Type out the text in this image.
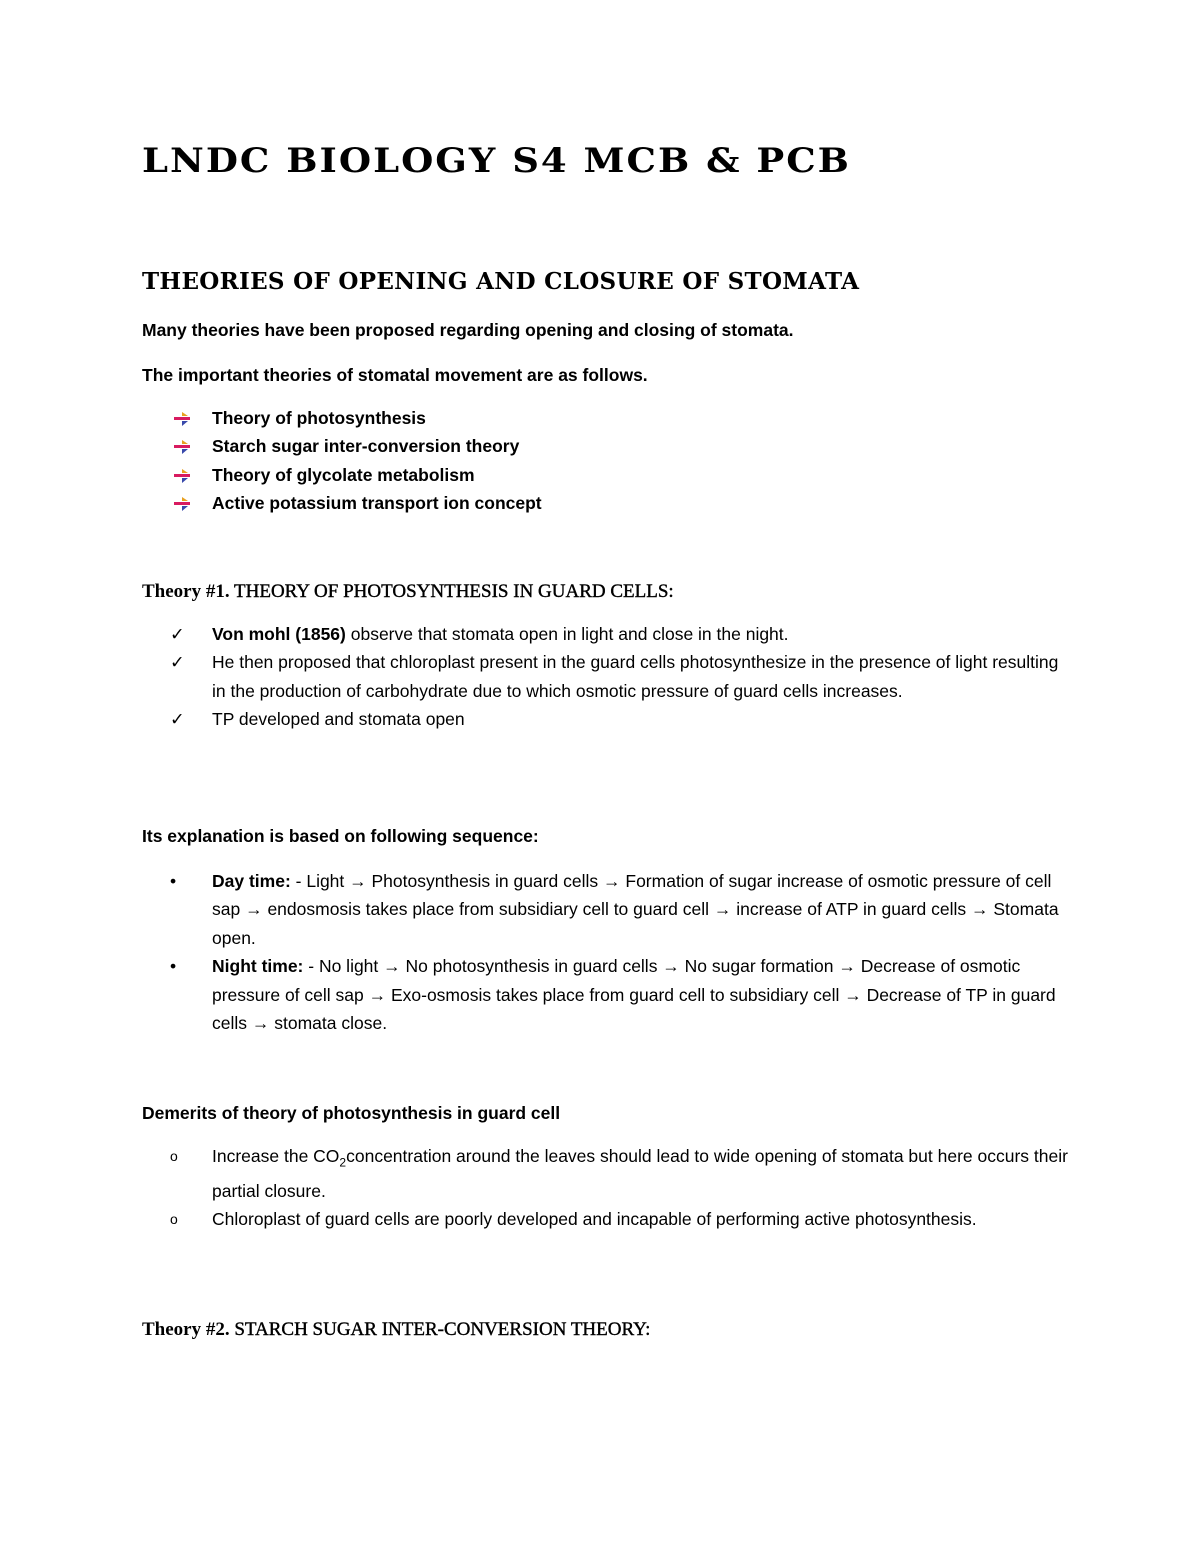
LNDC BIOLOGY S4 MCB & PCB
THEORIES OF OPENING AND CLOSURE OF STOMATA
Many theories have been proposed regarding opening and closing of stomata.
The important theories of stomatal movement are as follows.
Theory of photosynthesis
Starch sugar inter-conversion theory
Theory of glycolate metabolism
Active potassium transport ion concept
Theory #1. THEORY OF PHOTOSYNTHESIS IN GUARD CELLS:
✓	Von mohl (1856) observe that stomata open in light and close in the night.
✓	He then proposed that chloroplast present in the guard cells photosynthesize in the presence of light resulting in the production of carbohydrate due to which osmotic pressure of guard cells increases.
✓	TP developed and stomata open
Its explanation is based on following sequence:
•	Day time: - Light → Photosynthesis in guard cells → Formation of sugar increase of osmotic pressure of cell sap → endosmosis takes place from subsidiary cell to guard cell → increase of ATP in guard cells → Stomata open.
•	Night time: - No light → No photosynthesis in guard cells → No sugar formation → Decrease of osmotic pressure of cell sap → Exo-osmosis takes place from guard cell to subsidiary cell → Decrease of TP in guard cells → stomata close.
Demerits of theory of photosynthesis in guard cell
o	Increase the $CO_2concentration$ around the leaves should lead to wide opening of stomata but here occurs their partial closure.
o	Chloroplast of guard cells are poorly developed and incapable of performing active photosynthesis.
Theory #2. STARCH SUGAR INTER-CONVERSION THEORY:
